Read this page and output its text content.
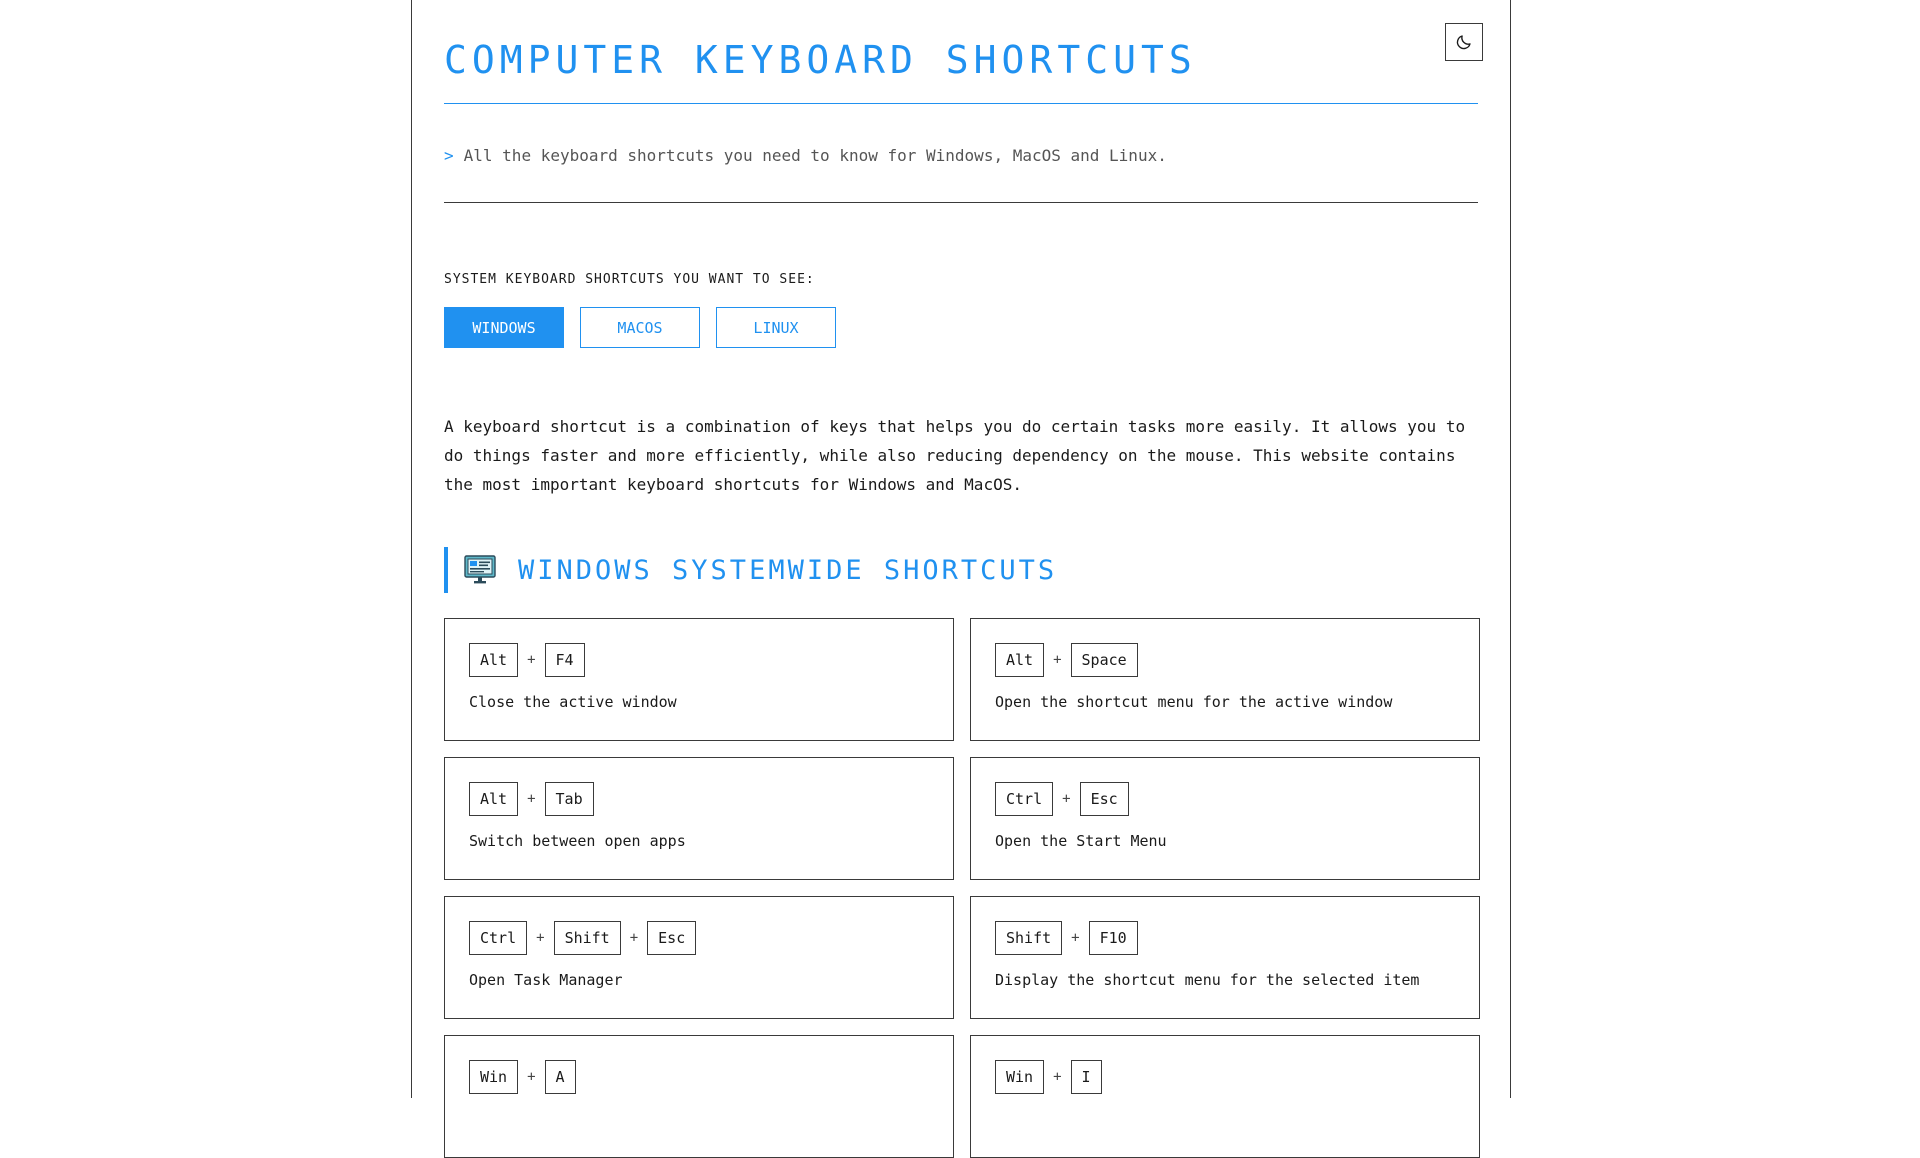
COMPUTER KEYBOARD SHORTCUTS
> All the keyboard shortcuts you need to know for Windows, MacOS and Linux.
SYSTEM KEYBOARD SHORTCUTS YOU WANT TO SEE:
WINDOWS	MACOS	LINUX

A keyboard shortcut is a combination of keys that helps you do certain tasks more easily. It allows you to do things faster and more efficiently, while also reducing dependency on the mouse. This website contains the most important keyboard shortcuts for Windows and MacOS.

WINDOWS SYSTEMWIDE SHORTCUTS
Alt	+	F4
Close the active window
Alt	+	Space
Open the shortcut menu for the active window
Alt	+	Tab
Switch between open apps
Ctrl	+	Esc
Open the Start Menu
Ctrl	+	Shift	+	Esc
Open Task Manager
Shift	+	F10
Display the shortcut menu for the selected item
Win	+	A	Win	+	I
